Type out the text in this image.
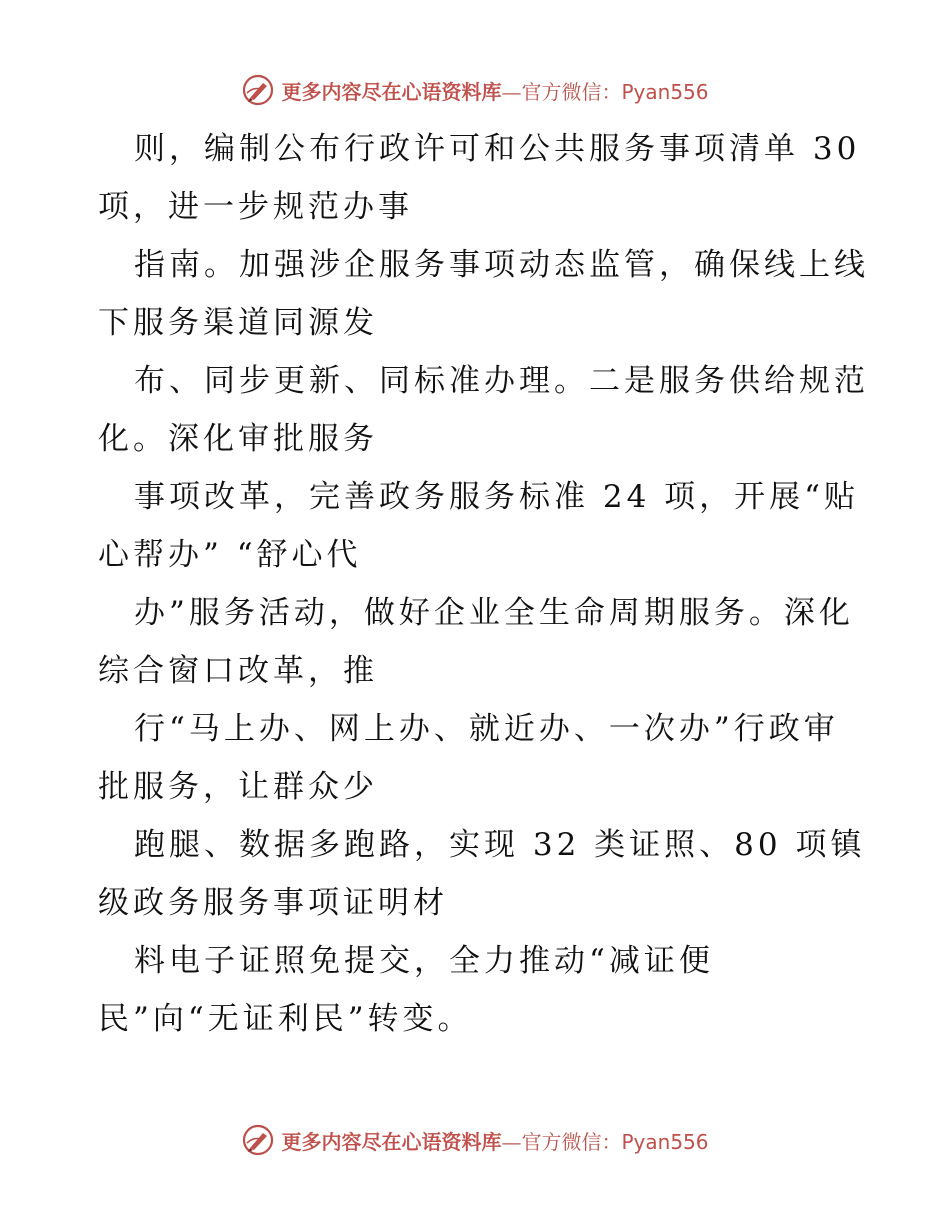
更多内容尽在心语资料库—官方微信：Pyan556
则，编制公布行政许可和公共服务事项清单 30
项，进一步规范办事
指南。加强涉企服务事项动态监管，确保线上线
下服务渠道同源发
布、同步更新、同标准办理。二是服务供给规范
化。深化审批服务
事项改革，完善政务服务标准 24 项，开展“贴
心帮办” “舒心代
办”服务活动，做好企业全生命周期服务。深化
综合窗口改革，推
行“马上办、网上办、就近办、一次办”行政审
批服务，让群众少
跑腿、数据多跑路，实现 32 类证照、80 项镇
级政务服务事项证明材
料电子证照免提交，全力推动“减证便
民”向“无证利民”转变。
更多内容尽在心语资料库—官方微信：Pyan556
